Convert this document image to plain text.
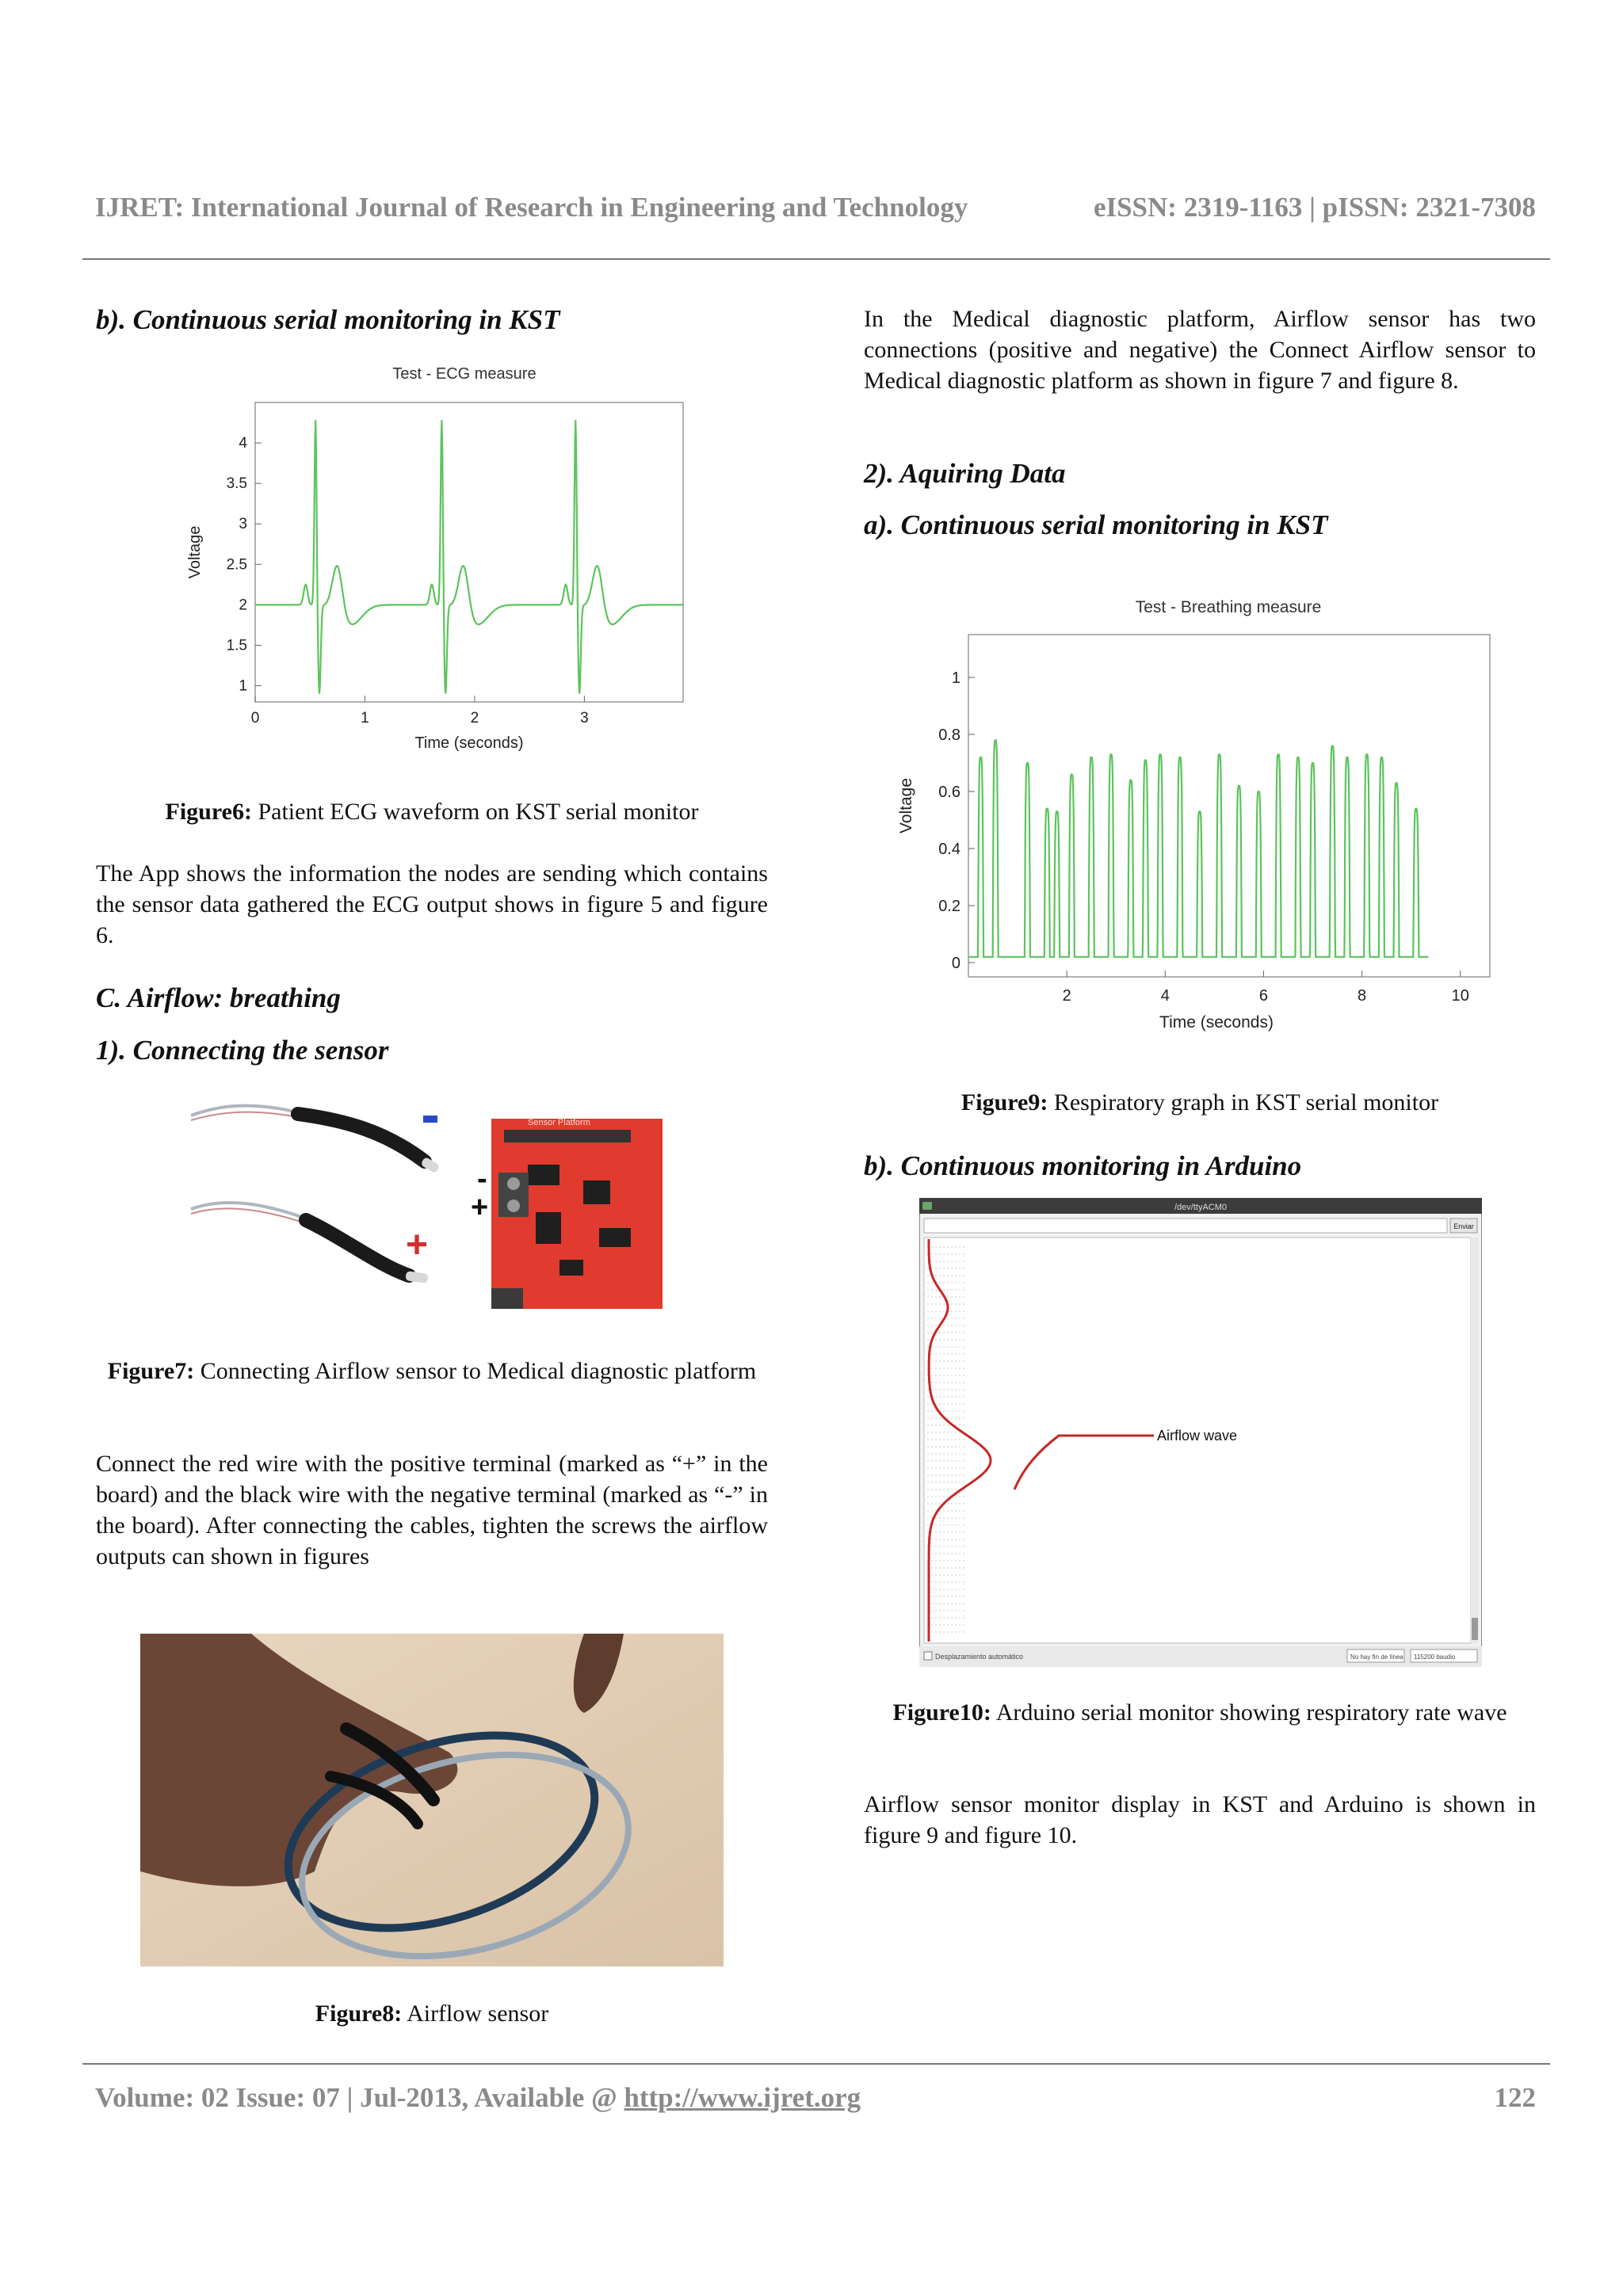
IJRET: International Journal of Research in Engineering and Technology	eISSN: 2319-1163 | pISSN: 2321-7308
b). Continuous serial monitoring in KST
Test - ECG measure
0	1	2	3
1
1.5
2
2.5
3
3.5
4
Time (seconds)
Voltage

Figure6: Patient ECG waveform on KST serial monitor

The App shows the information the nodes are sending which contains the sensor data gathered the ECG output shows in figure 5 and figure 6.

C. Airflow: breathing
1). Connecting the sensor
+
Sensor Platform
-
+

Figure7: Connecting Airflow sensor to Medical diagnostic platform

Connect the red wire with the positive terminal (marked as “+” in the board) and the black wire with the negative terminal (marked as “-” in the board). After connecting the cables, tighten the screws the airflow outputs can shown in figures

Figure8: Airflow sensor

In the Medical diagnostic platform, Airflow sensor has two connections (positive and negative) the Connect Airflow sensor to Medical diagnostic platform as shown in figure 7 and figure 8.

2). Aquiring Data
a). Continuous serial monitoring in KST
Test - Breathing measure
2	4	6	8	10
0
0.2
0.4
0.6
0.8
1
Time (seconds)
Voltage

Figure9: Respiratory graph in KST serial monitor

b). Continuous monitoring in Arduino
/dev/ttyACM0
Enviar
Airflow wave
Desplazamiento automático	No hay fin de línea 115200 baudio

Figure10: Arduino serial monitor showing respiratory rate wave

Airflow sensor monitor display in KST and Arduino is shown in figure 9 and figure 10.

Volume: 02 Issue: 07 | Jul-2013, Available @ http://www.ijret.org	122
